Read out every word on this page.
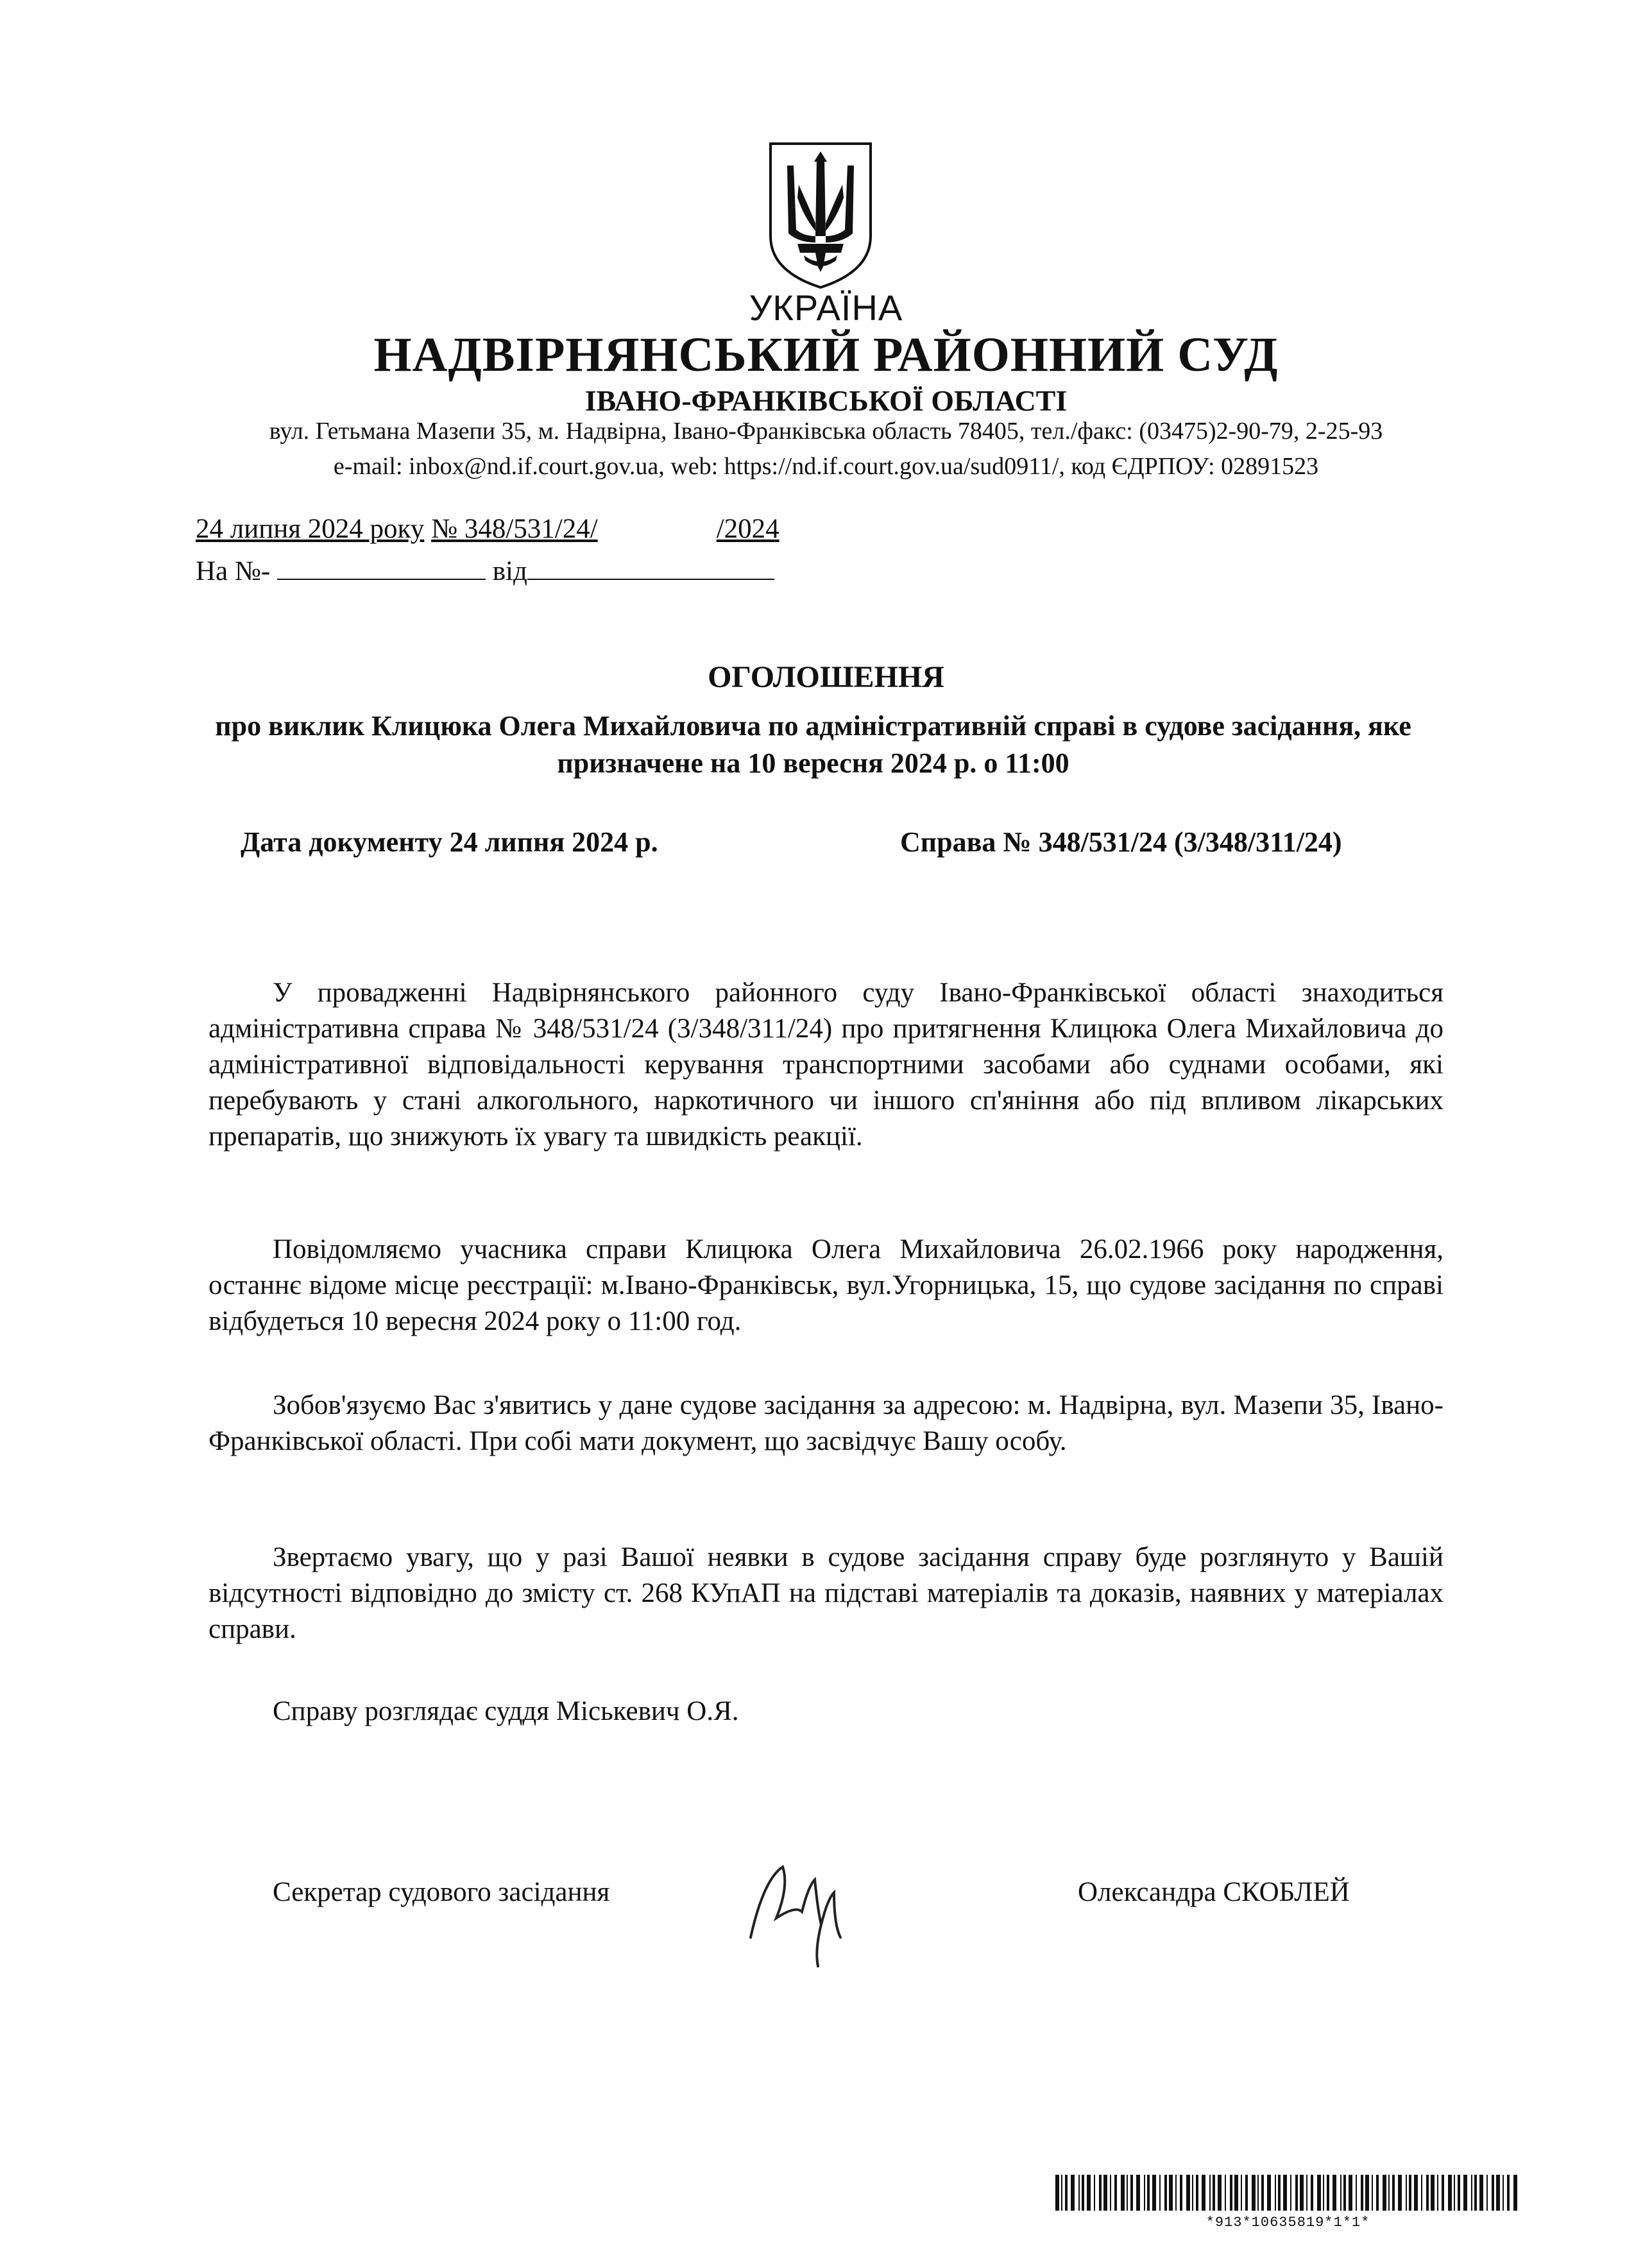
УКРАЇНА
НАДВІРНЯНСЬКИЙ РАЙОННИЙ СУД
ІВАНО-ФРАНКІВСЬКОЇ ОБЛАСТІ
вул. Гетьмана Мазепи 35, м. Надвірна, Івано-Франківська область 78405, тел./факс: (03475)2-90-79, 2-25-93
e-mail: inbox@nd.if.court.gov.ua, web: https://nd.if.court.gov.ua/sud0911/, код ЄДРПОУ: 02891523
24 липня 2024 року № 348/531/24/	/2024
На №-	від
ОГОЛОШЕННЯ
про виклик Клицюка Олега Михайловича по адміністративній справі в судове засідання, яке призначене на 10 вересня 2024 р. о 11:00
Дата документу 24 липня 2024 р.	Справа № 348/531/24 (3/348/311/24)

У провадженні Надвірнянського районного суду Івано-Франківської області знаходиться адміністративна справа № 348/531/24 (3/348/311/24) про притягнення Клицюка Олега Михайловича до адміністративної відповідальності керування транспортними засобами або суднами особами, які перебувають у стані алкогольного, наркотичного чи іншого сп'яніння або під впливом лікарських препаратів, що знижують їх увагу та швидкість реакції.

Повідомляємо учасника справи Клицюка Олега Михайловича 26.02.1966 року народження, останнє відоме місце реєстрації: м.Івано-Франківськ, вул.Угорницька, 15, що судове засідання по справі відбудеться 10 вересня 2024 року о 11:00 год.

Зобов'язуємо Вас з'явитись у дане судове засідання за адресою: м. Надвірна, вул. Мазепи 35, Івано-Франківської області. При собі мати документ, що засвідчує Вашу особу.

Звертаємо увагу, що у разі Вашої неявки в судове засідання справу буде розглянуто у Вашій відсутності відповідно до змісту ст. 268 КУпАП на підставі матеріалів та доказів, наявних у матеріалах справи.

Справу розглядає суддя Міськевич О.Я.

Секретар судового засідання	Олександра СКОБЛЕЙ
*913*10635819*1*1*
